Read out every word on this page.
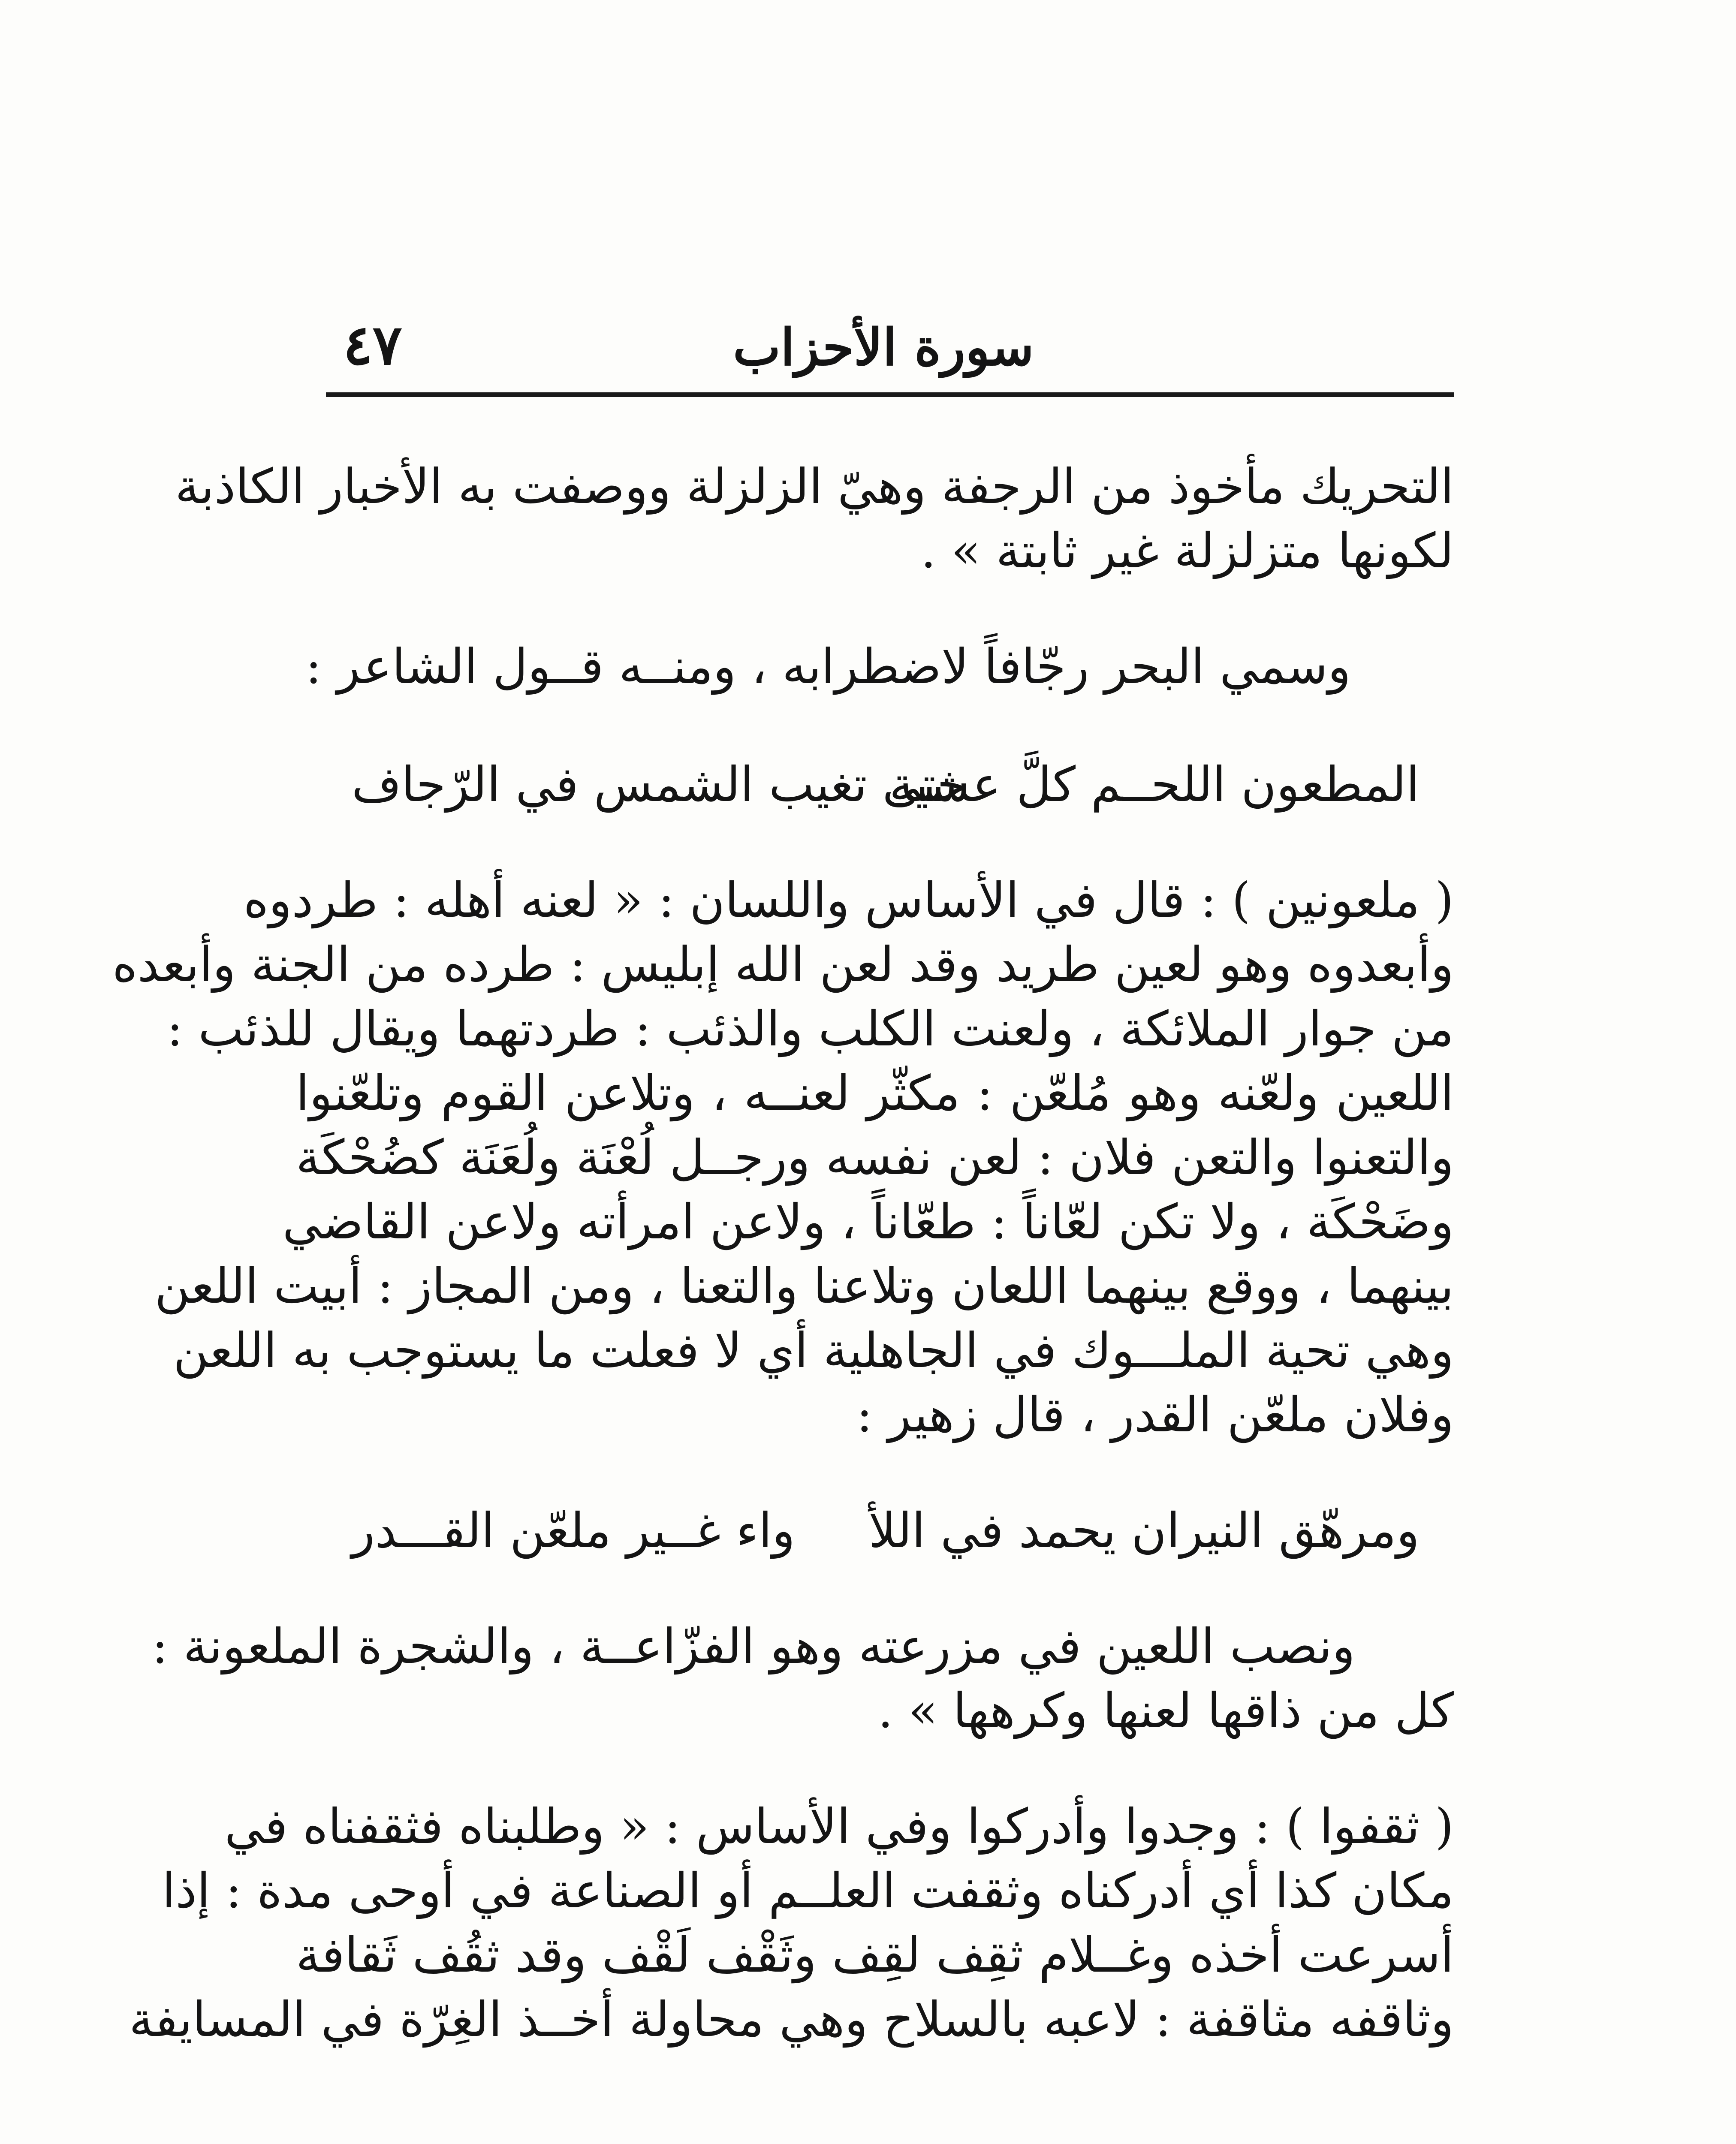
سورة الأحزاب
٤٧
التحريك مأخوذ من الرجفة وهيّ الزلزلة ووصفت به الأخبار الكاذبة
لكونها متزلزلة غير ثابتة » .
وسمي البحر رجّافاً لاضطرابه ، ومنــه قــول الشاعر :
المطعون اللحــم كلَّ عشية
حتى تغيب الشمس في الرّجاف
( ملعونين ) : قال في الأساس واللسان : « لعنه أهله : طردوه
وأبعدوه وهو لعين طريد وقد لعن الله إبليس : طرده من الجنة وأبعده
من جوار الملائكة ، ولعنت الكلب والذئب : طردتهما ويقال للذئب :
اللعين ولعّنه وهو مُلعّن : مكثّر لعنــه ، وتلاعن القوم وتلعّنوا
والتعنوا والتعن فلان : لعن نفسه ورجــل لُعْنَة ولُعَنَة كضُحْكَة
وضَحْكَة ، ولا تكن لعّاناً : طعّاناً ، ولاعن امرأته ولاعن القاضي
بينهما ، ووقع بينهما اللعان وتلاعنا والتعنا ، ومن المجاز : أبيت اللعن
وهي تحية الملـــوك في الجاهلية أي لا فعلت ما يستوجب به اللعن
وفلان ملعّن القدر ، قال زهير :
ومرهّق النيران يحمد في اللأ
واء غــير ملعّن القـــدر
ونصب اللعين في مزرعته وهو الفزّاعــة ، والشجرة الملعونة :
كل من ذاقها لعنها وكرهها » .
( ثقفوا ) : وجدوا وأدركوا وفي الأساس : « وطلبناه فثقفناه في
مكان كذا أي أدركناه وثقفت العلــم أو الصناعة في أوحى مدة : إذا
أسرعت أخذه وغــلام ثقِف لقِف وثَقْف لَقْف وقد ثقُف ثَقافة
وثاقفه مثاقفة : لاعبه بالسلاح وهي محاولة أخــذ الغِرّة في المسايفة
